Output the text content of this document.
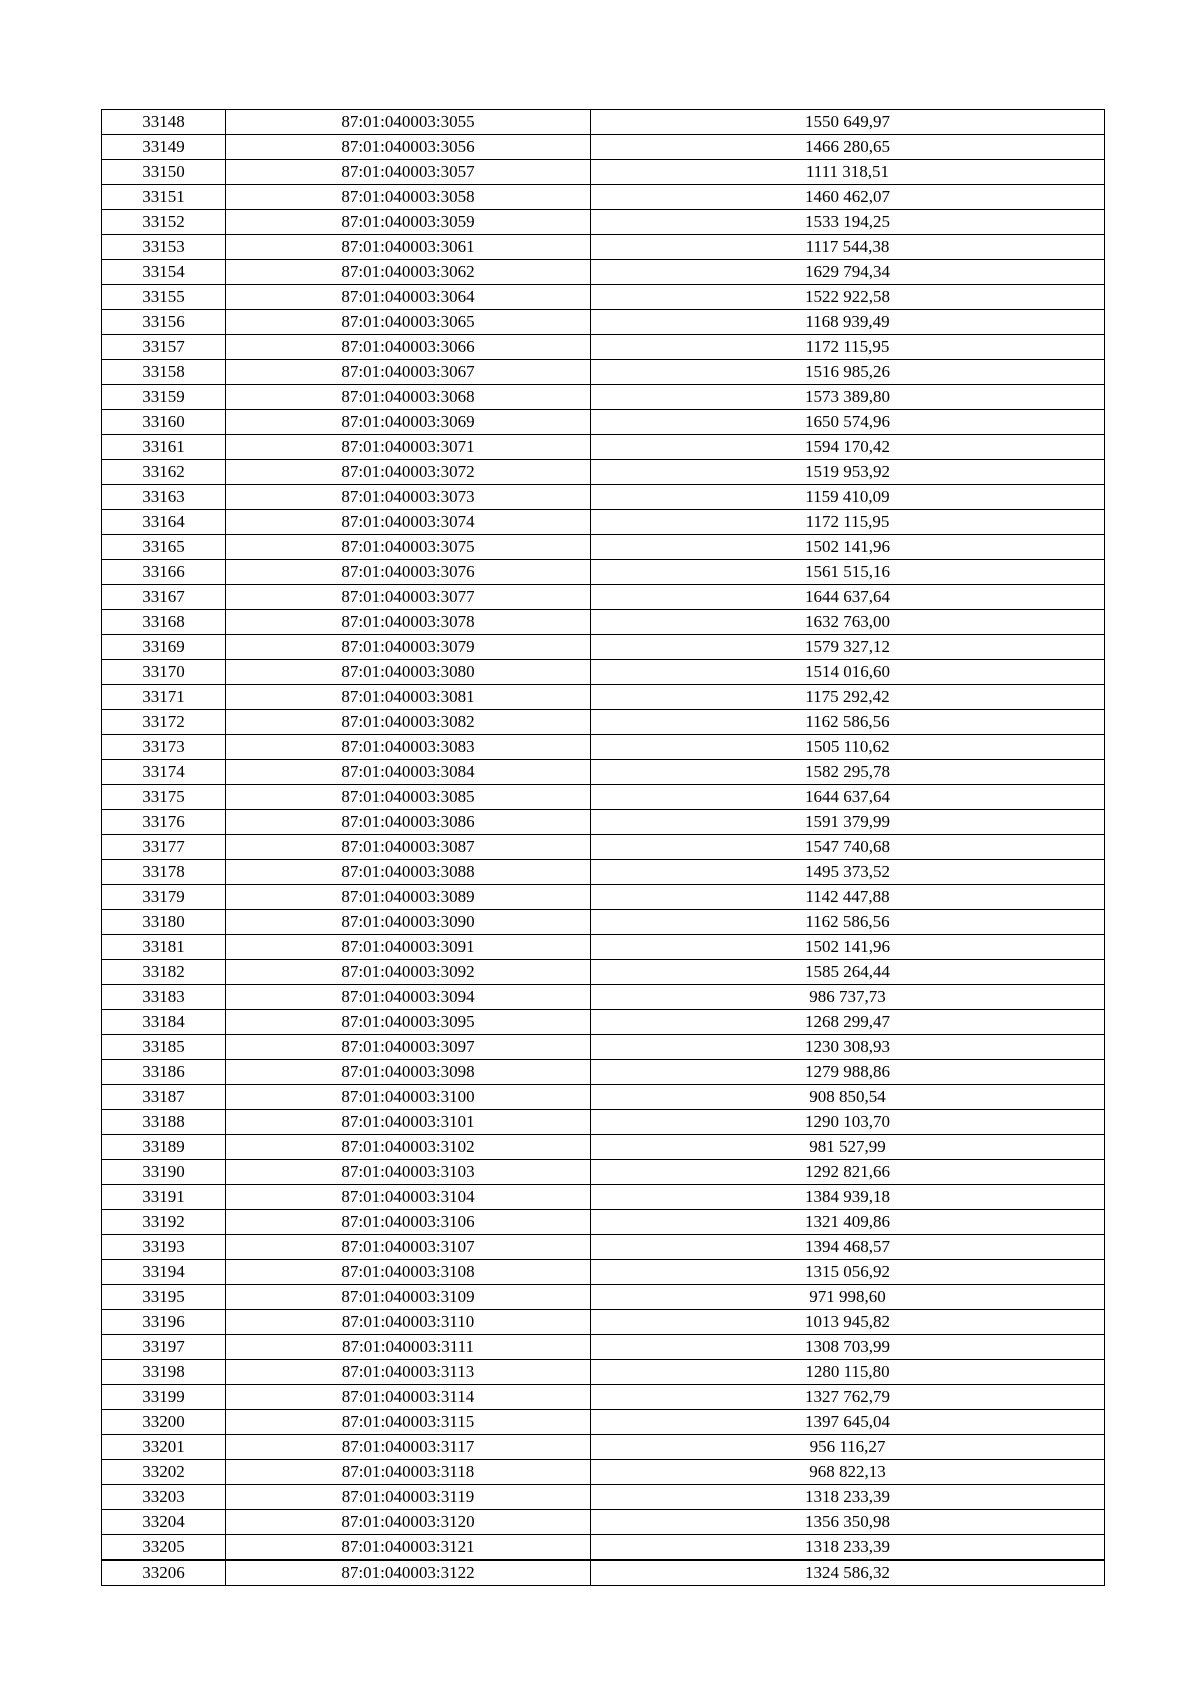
33148	87:01:040003:3055	1550 649,97
33149	87:01:040003:3056	1466 280,65
33150	87:01:040003:3057	1111 318,51
33151	87:01:040003:3058	1460 462,07
33152	87:01:040003:3059	1533 194,25
33153	87:01:040003:3061	1117 544,38
33154	87:01:040003:3062	1629 794,34
33155	87:01:040003:3064	1522 922,58
33156	87:01:040003:3065	1168 939,49
33157	87:01:040003:3066	1172 115,95
33158	87:01:040003:3067	1516 985,26
33159	87:01:040003:3068	1573 389,80
33160	87:01:040003:3069	1650 574,96
33161	87:01:040003:3071	1594 170,42
33162	87:01:040003:3072	1519 953,92
33163	87:01:040003:3073	1159 410,09
33164	87:01:040003:3074	1172 115,95
33165	87:01:040003:3075	1502 141,96
33166	87:01:040003:3076	1561 515,16
33167	87:01:040003:3077	1644 637,64
33168	87:01:040003:3078	1632 763,00
33169	87:01:040003:3079	1579 327,12
33170	87:01:040003:3080	1514 016,60
33171	87:01:040003:3081	1175 292,42
33172	87:01:040003:3082	1162 586,56
33173	87:01:040003:3083	1505 110,62
33174	87:01:040003:3084	1582 295,78
33175	87:01:040003:3085	1644 637,64
33176	87:01:040003:3086	1591 379,99
33177	87:01:040003:3087	1547 740,68
33178	87:01:040003:3088	1495 373,52
33179	87:01:040003:3089	1142 447,88
33180	87:01:040003:3090	1162 586,56
33181	87:01:040003:3091	1502 141,96
33182	87:01:040003:3092	1585 264,44
33183	87:01:040003:3094	986 737,73
33184	87:01:040003:3095	1268 299,47
33185	87:01:040003:3097	1230 308,93
33186	87:01:040003:3098	1279 988,86
33187	87:01:040003:3100	908 850,54
33188	87:01:040003:3101	1290 103,70
33189	87:01:040003:3102	981 527,99
33190	87:01:040003:3103	1292 821,66
33191	87:01:040003:3104	1384 939,18
33192	87:01:040003:3106	1321 409,86
33193	87:01:040003:3107	1394 468,57
33194	87:01:040003:3108	1315 056,92
33195	87:01:040003:3109	971 998,60
33196	87:01:040003:3110	1013 945,82
33197	87:01:040003:3111	1308 703,99
33198	87:01:040003:3113	1280 115,80
33199	87:01:040003:3114	1327 762,79
33200	87:01:040003:3115	1397 645,04
33201	87:01:040003:3117	956 116,27
33202	87:01:040003:3118	968 822,13
33203	87:01:040003:3119	1318 233,39
33204	87:01:040003:3120	1356 350,98
33205	87:01:040003:3121	1318 233,39
33206	87:01:040003:3122	1324 586,32
